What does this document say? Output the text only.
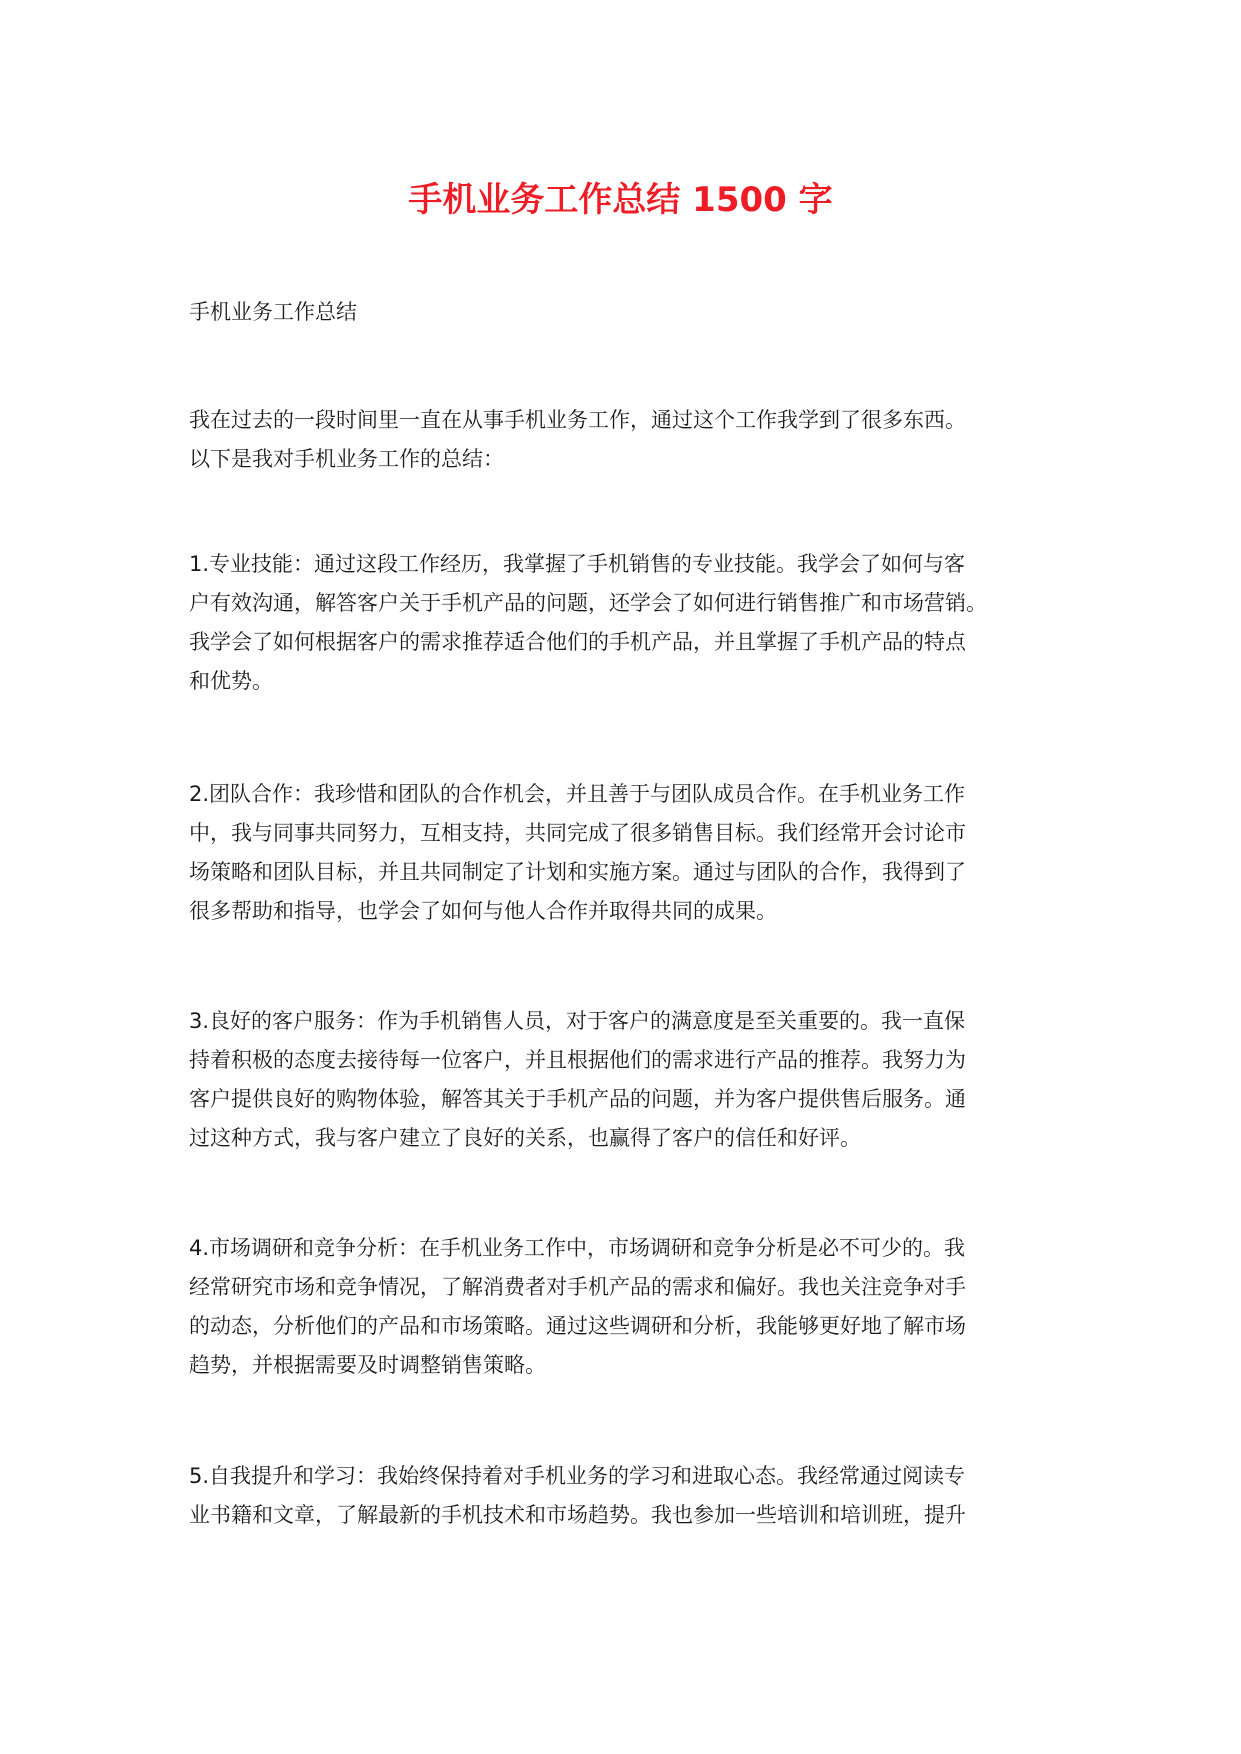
手机业务工作总结 1500 字

手机业务工作总结

我在过去的一段时间里一直在从事手机业务工作，通过这个工作我学到了很多东西。
以下是我对手机业务工作的总结：

1.专业技能：通过这段工作经历，我掌握了手机销售的专业技能。我学会了如何与客
户有效沟通，解答客户关于手机产品的问题，还学会了如何进行销售推广和市场营销。
我学会了如何根据客户的需求推荐适合他们的手机产品，并且掌握了手机产品的特点
和优势。

2.团队合作：我珍惜和团队的合作机会，并且善于与团队成员合作。在手机业务工作
中，我与同事共同努力，互相支持，共同完成了很多销售目标。我们经常开会讨论市
场策略和团队目标，并且共同制定了计划和实施方案。通过与团队的合作，我得到了
很多帮助和指导，也学会了如何与他人合作并取得共同的成果。

3.良好的客户服务：作为手机销售人员，对于客户的满意度是至关重要的。我一直保
持着积极的态度去接待每一位客户，并且根据他们的需求进行产品的推荐。我努力为
客户提供良好的购物体验，解答其关于手机产品的问题，并为客户提供售后服务。通
过这种方式，我与客户建立了良好的关系，也赢得了客户的信任和好评。

4.市场调研和竞争分析：在手机业务工作中，市场调研和竞争分析是必不可少的。我
经常研究市场和竞争情况，了解消费者对手机产品的需求和偏好。我也关注竞争对手
的动态，分析他们的产品和市场策略。通过这些调研和分析，我能够更好地了解市场
趋势，并根据需要及时调整销售策略。

5.自我提升和学习：我始终保持着对手机业务的学习和进取心态。我经常通过阅读专
业书籍和文章，了解最新的手机技术和市场趋势。我也参加一些培训和培训班，提升
